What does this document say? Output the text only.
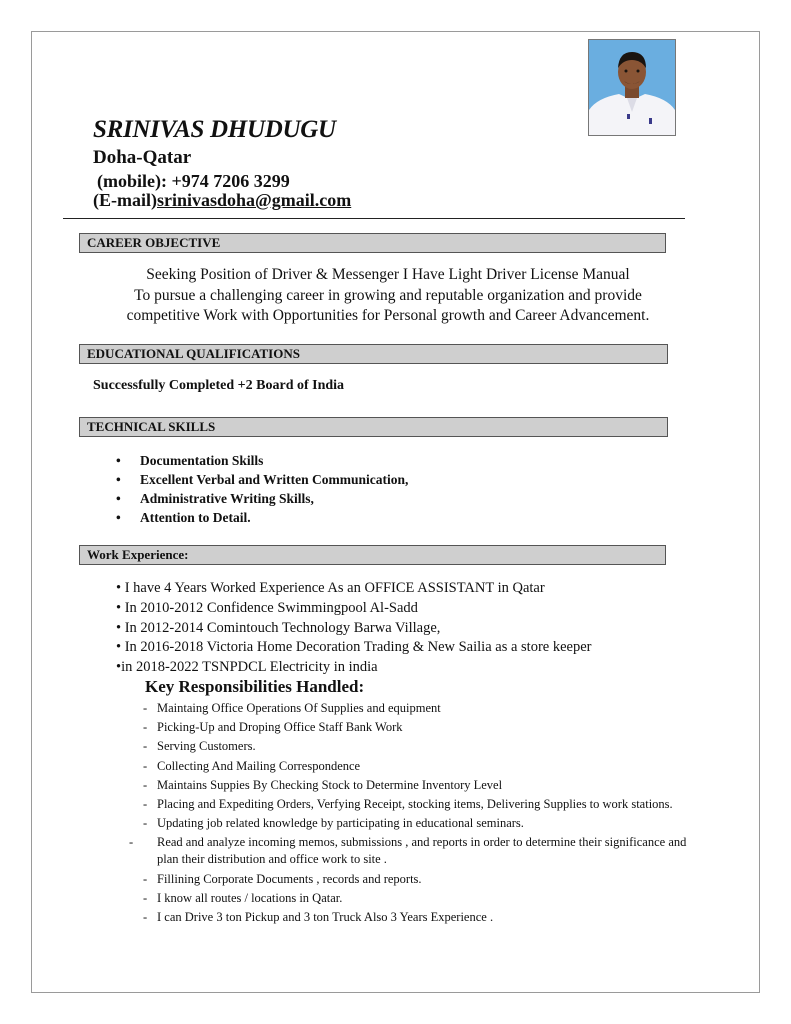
SRINIVAS DHUDUGU
Doha-Qatar
(mobile): +974 7206 3299
(E-mail)srinivasdoha@gmail.com
CAREER OBJECTIVE
Seeking Position of Driver & Messenger I Have Light Driver License Manual
To pursue a challenging career in growing and reputable organization and provide
competitive Work with Opportunities for Personal growth and Career Advancement.
EDUCATIONAL QUALIFICATIONS
Successfully Completed +2 Board of India
TECHNICAL SKILLS
• Documentation Skills
• Excellent Verbal and Written Communication,
• Administrative Writing Skills,
• Attention to Detail.
Work Experience:
• I have 4 Years Worked Experience As an OFFICE ASSISTANT in Qatar
• In 2010-2012 Confidence Swimmingpool Al-Sadd
• In 2012-2014 Comintouch Technology Barwa Village,
• In 2016-2018 Victoria Home Decoration Trading & New Sailia as a store keeper
•in 2018-2022 TSNPDCL Electricity in india
Key Responsibilities Handled:
- Maintaing Office Operations Of Supplies and equipment
- Picking-Up and Droping Office Staff Bank Work
- Serving Customers.
- Collecting And Mailing Correspondence
- Maintains Suppies By Checking Stock to Determine Inventory Level
- Placing and Expediting Orders, Verfying Receipt, stocking items, Delivering Supplies to work stations.
- Updating job related knowledge by participating in educational seminars.
- Read and analyze incoming memos, submissions , and reports in order to determine their significance and plan their distribution and office work to site .
- Fillining Corporate Documents , records and reports.
- I know all routes / locations in Qatar.
- I can Drive 3 ton Pickup and 3 ton Truck Also 3 Years Experience .
